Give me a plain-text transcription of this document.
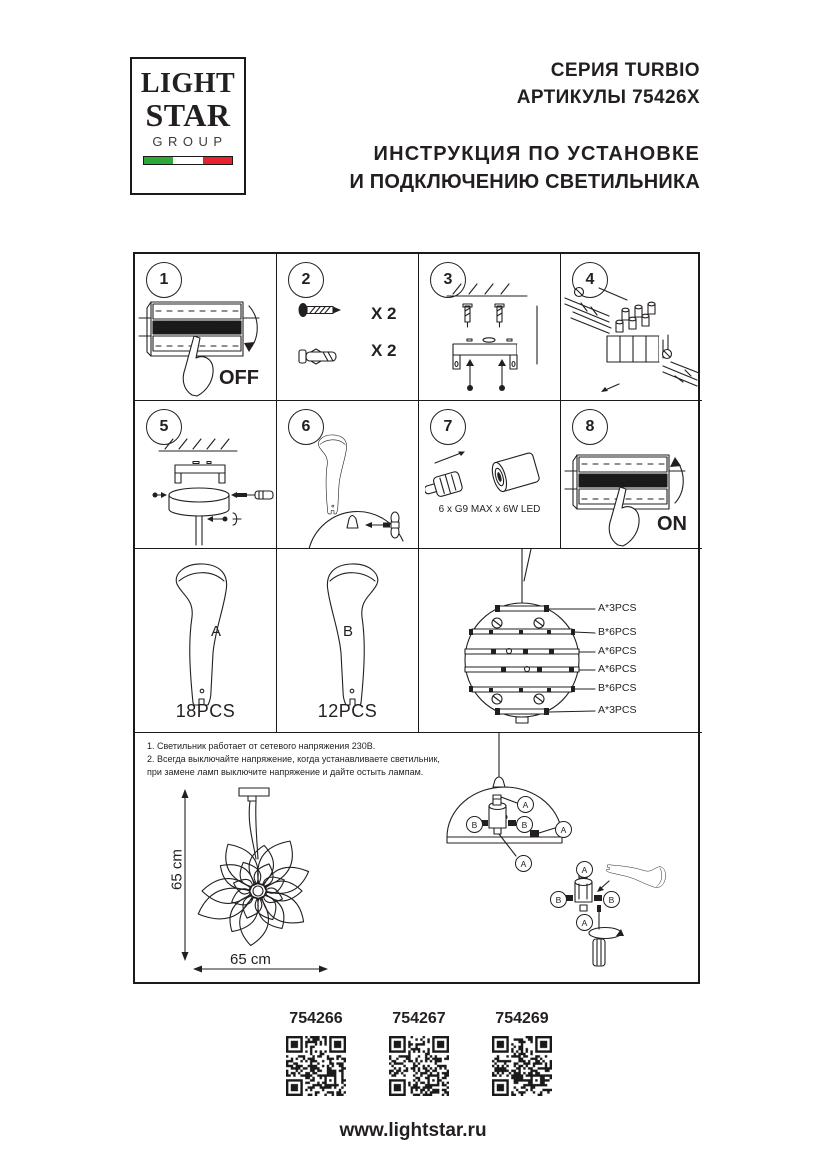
LIGHT
STAR
GROUP
СЕРИЯ TURBIO
АРТИКУЛЫ 75426X
ИНСТРУКЦИЯ ПО УСТАНОВКЕ
И ПОДКЛЮЧЕНИЮ СВЕТИЛЬНИКА
1
OFF
2
X 2
X 2
3	4
5	6	7
6 x G9 MAX x 6W LED
8
ON
A
18PCS
B
12PCS
A*3PCS
B*6PCS
A*6PCS
A*6PCS
B*6PCS
A*3PCS
1. Светильник работает от сетевого напряжения 230В.
2. Всегда выключайте напряжение, когда устанавливаете светильник,
при замене ламп выключите напряжение и дайте остыть лампам.
65 cm
65 cm
A
B	B	A
A
A
B	B
A
754266	754267	754269
www.lightstar.ru
